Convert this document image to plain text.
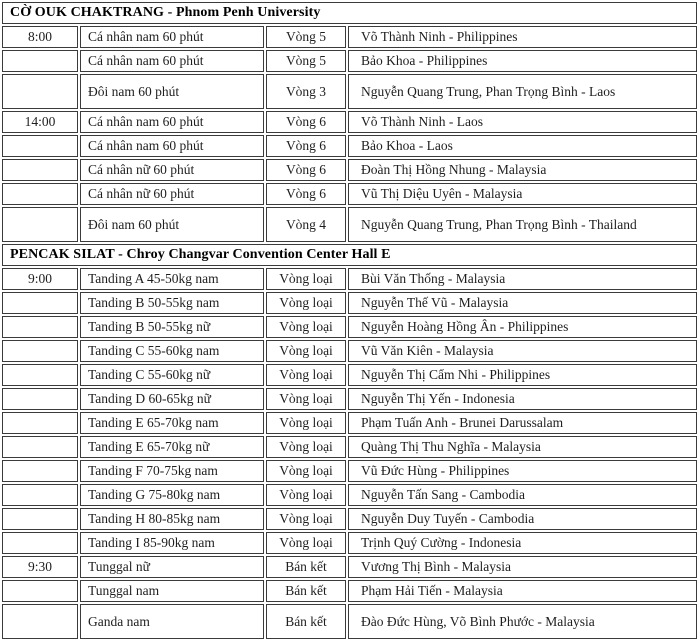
CỜ OUK CHAKTRANG - Phnom Penh University			
8:00	Cá nhân nam 60 phút	Vòng 5	Võ Thành Ninh - Philippines
	Cá nhân nam 60 phút	Vòng 5	Bảo Khoa - Philippines
	Đôi nam 60 phút	Vòng 3	Nguyễn Quang Trung, Phan Trọng Bình - Laos
14:00	Cá nhân nam 60 phút	Vòng 6	Võ Thành Ninh - Laos
	Cá nhân nam 60 phút	Vòng 6	Bảo Khoa - Laos
	Cá nhân nữ 60 phút	Vòng 6	Đoàn Thị Hồng Nhung - Malaysia
	Cá nhân nữ 60 phút	Vòng 6	Vũ Thị Diệu Uyên - Malaysia
	Đôi nam 60 phút	Vòng 4	Nguyễn Quang Trung, Phan Trọng Bình - Thailand
PENCAK SILAT - Chroy Changvar Convention Center Hall E			
9:00	Tanding A 45-50kg nam	Vòng loại	Bùi Văn Thống - Malaysia
	Tanding B 50-55kg nam	Vòng loại	Nguyễn Thế Vũ - Malaysia
	Tanding B 50-55kg nữ	Vòng loại	Nguyễn Hoàng Hồng Ân - Philippines
	Tanding C 55-60kg nam	Vòng loại	Vũ Văn Kiên - Malaysia
	Tanding C 55-60kg nữ	Vòng loại	Nguyễn Thị Cẩm Nhi - Philippines
	Tanding D 60-65kg nữ	Vòng loại	Nguyễn Thị Yến - Indonesia
	Tanding E 65-70kg nam	Vòng loại	Phạm Tuấn Anh - Brunei Darussalam
	Tanding E 65-70kg nữ	Vòng loại	Quàng Thị Thu Nghĩa - Malaysia
	Tanding F 70-75kg nam	Vòng loại	Vũ Đức Hùng - Philippines
	Tanding G 75-80kg nam	Vòng loại	Nguyễn Tấn Sang - Cambodia
	Tanding H 80-85kg nam	Vòng loại	Nguyễn Duy Tuyến - Cambodia
	Tanding I 85-90kg nam	Vòng loại	Trịnh Quý Cường - Indonesia
9:30	Tunggal nữ	Bán kết	Vương Thị Bình - Malaysia
	Tunggal nam	Bán kết	Phạm Hải Tiến - Malaysia
	Ganda nam	Bán kết	Đào Đức Hùng, Võ Bình Phước - Malaysia
